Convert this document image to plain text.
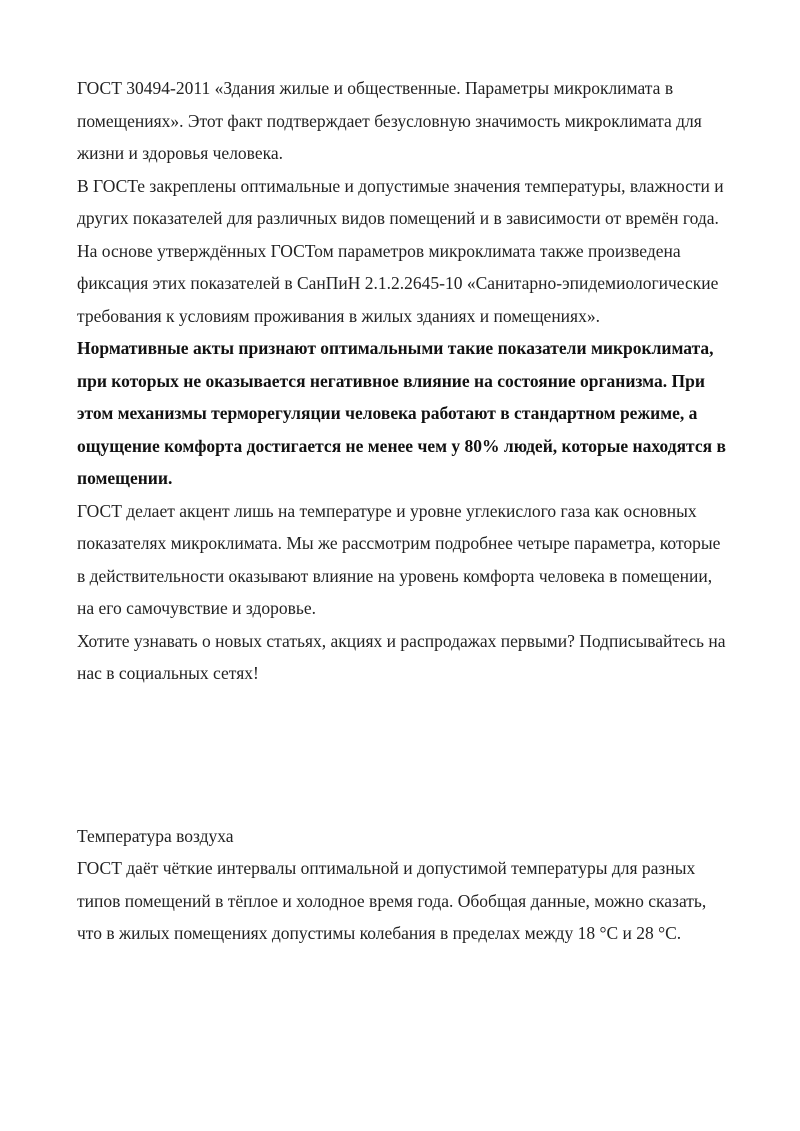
ГОСТ 30494-2011 «Здания жилые и общественные. Параметры микроклимата в помещениях». Этот факт подтверждает безусловную значимость микроклимата для жизни и здоровья человека.

В ГОСТе закреплены оптимальные и допустимые значения температуры, влажности и других показателей для различных видов помещений и в зависимости от времён года. На основе утверждённых ГОСТом параметров микроклимата также произведена фиксация этих показателей в СанПиН 2.1.2.2645-10 «Санитарно-эпидемиологические требования к условиям проживания в жилых зданиях и помещениях».

Нормативные акты признают оптимальными такие показатели микроклимата, при которых не оказывается негативное влияние на состояние организма. При этом механизмы терморегуляции человека работают в стандартном режиме, а ощущение комфорта достигается не менее чем у 80% людей, которые находятся в помещении.

ГОСТ делает акцент лишь на температуре и уровне углекислого газа как основных показателях микроклимата. Мы же рассмотрим подробнее четыре параметра, которые в действительности оказывают влияние на уровень комфорта человека в помещении, на его самочувствие и здоровье.

Хотите узнавать о новых статьях, акциях и распродажах первыми? Подписывайтесь на нас в социальных сетях!

Температура воздуха

ГОСТ даёт чёткие интервалы оптимальной и допустимой температуры для разных типов помещений в тёплое и холодное время года. Обобщая данные, можно сказать, что в жилых помещениях допустимы колебания в пределах между 18 °C и 28 °C.
